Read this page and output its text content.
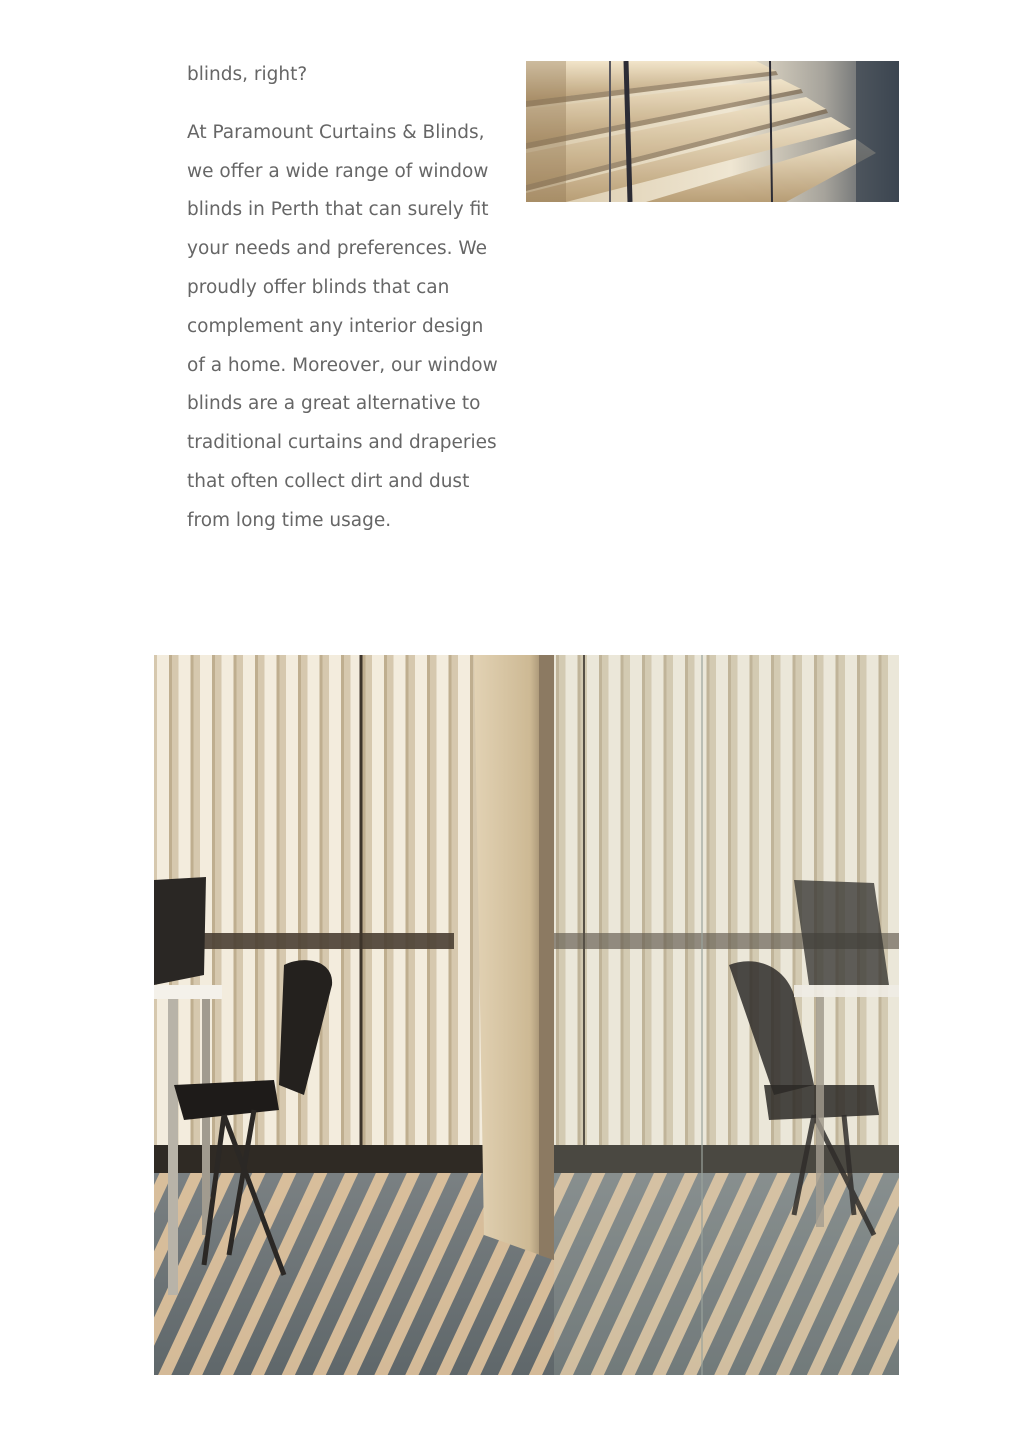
blinds, right?

At Paramount Curtains & Blinds,
we offer a wide range of window
blinds in Perth that can surely fit
your needs and preferences. We
proudly offer blinds that can
complement any interior design
of a home. Moreover, our window
blinds are a great alternative to
traditional curtains and draperies
that often collect dirt and dust
from long time usage.
